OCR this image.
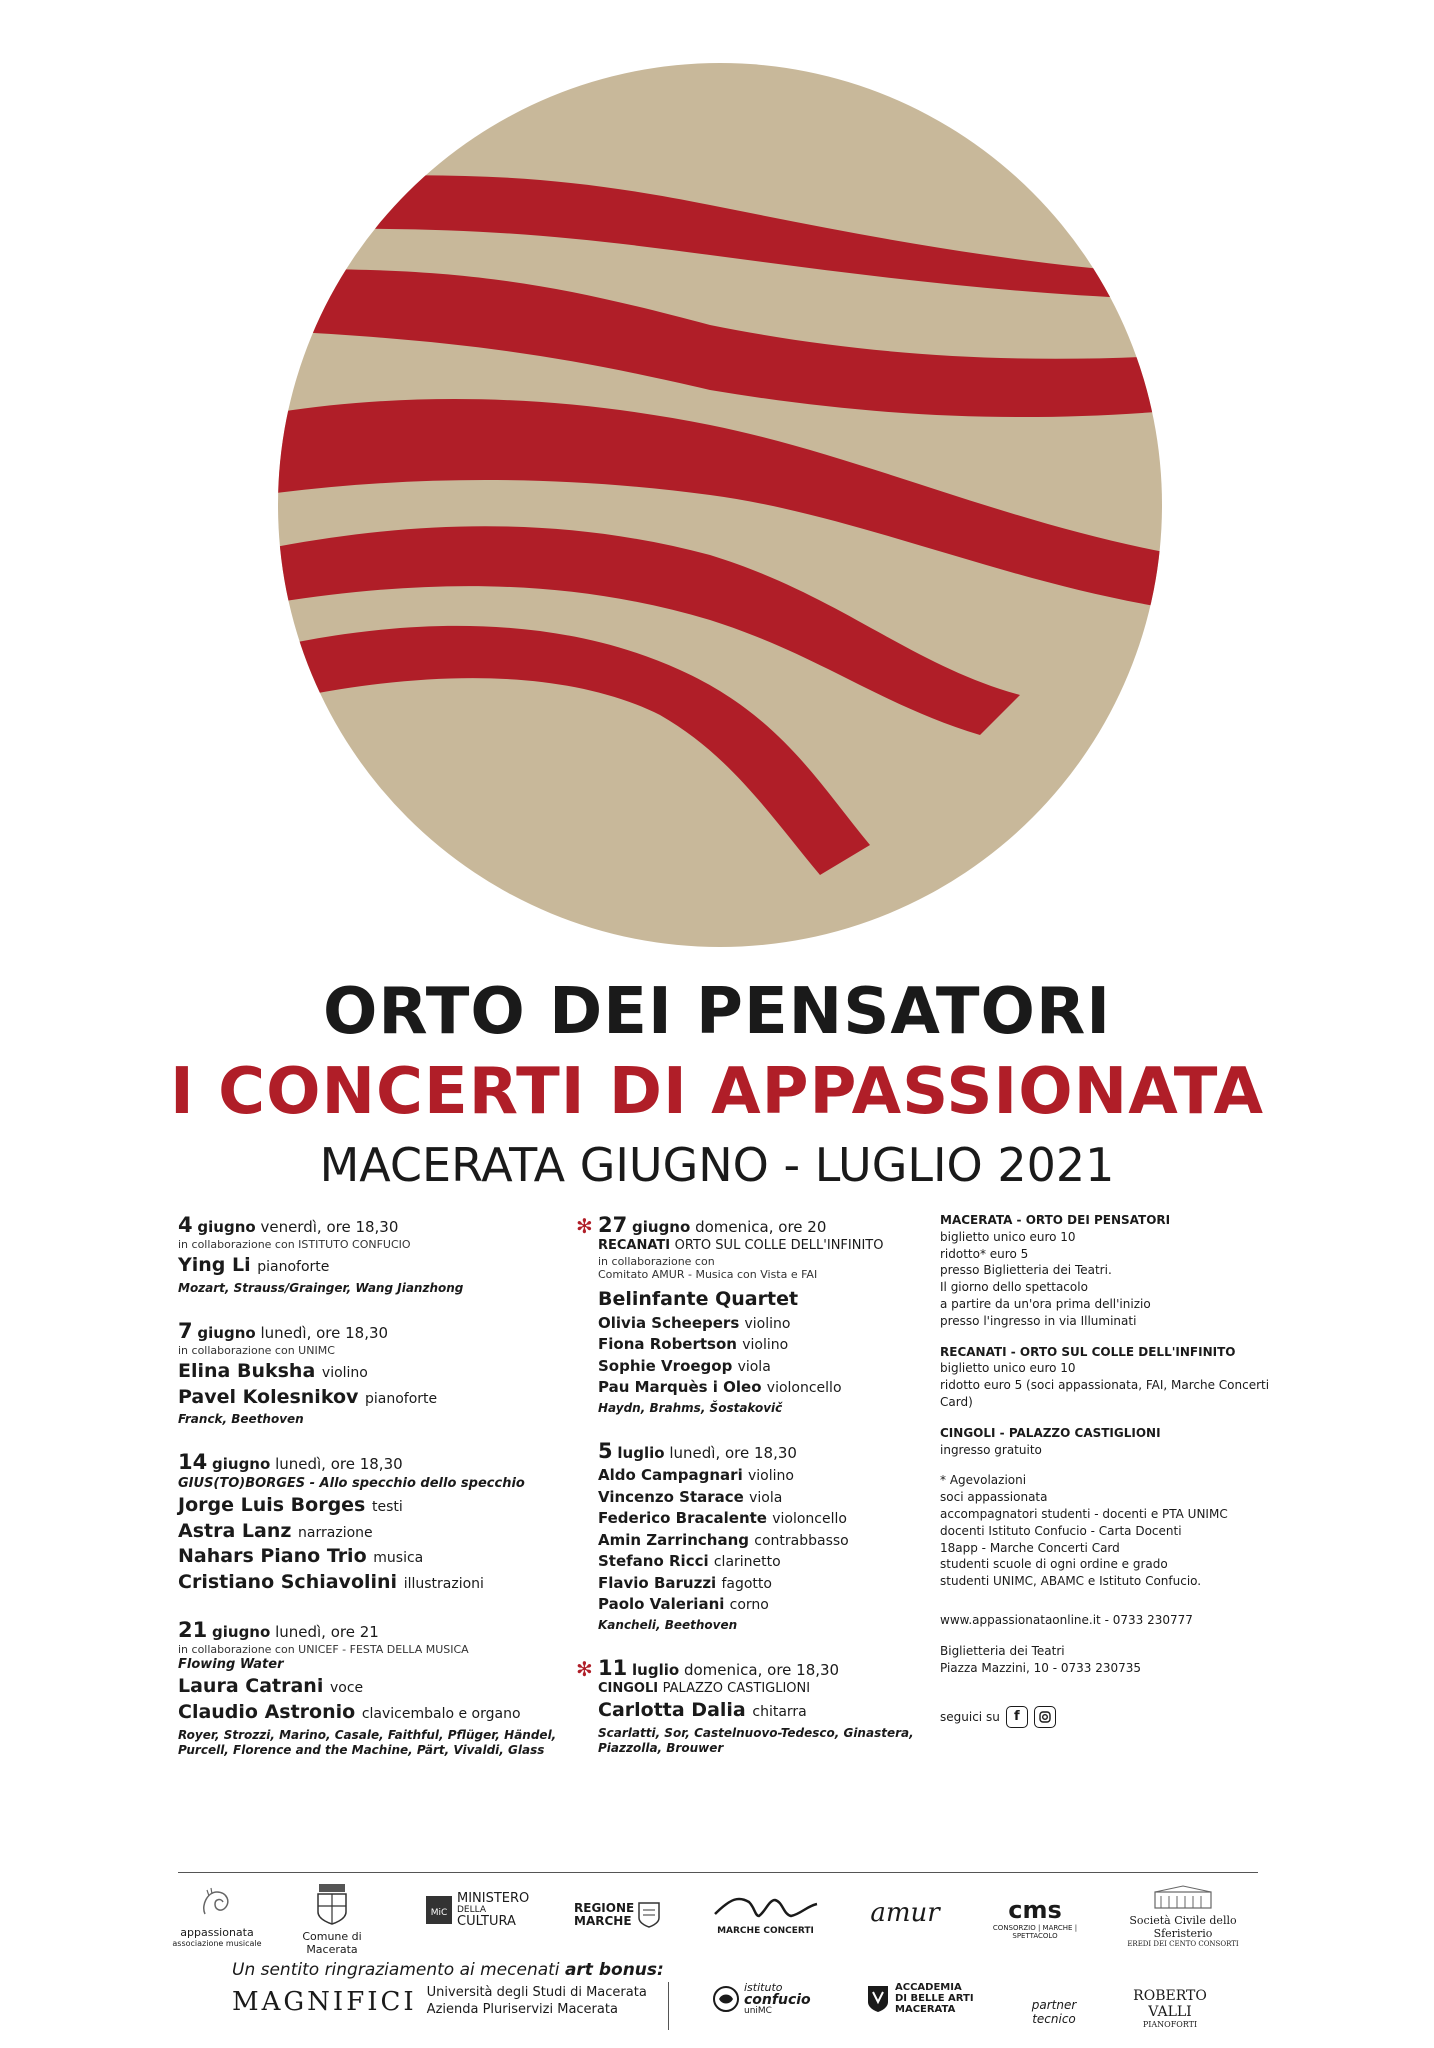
ORTO DEI PENSATORI
I CONCERTI DI APPASSIONATA
MACERATA GIUGNO - LUGLIO 2021
4 giugno venerdì, ore 18,30
in collaborazione con ISTITUTO CONFUCIO
Ying Li pianoforte
Mozart, Strauss/Grainger, Wang Jianzhong
7 giugno lunedì, ore 18,30
in collaborazione con UNIMC
Elina Buksha violino
Pavel Kolesnikov pianoforte
Franck, Beethoven
14 giugno lunedì, ore 18,30
GIUS(TO)BORGES - Allo specchio dello specchio
Jorge Luis Borges testi
Astra Lanz narrazione
Nahars Piano Trio musica
Cristiano Schiavolini illustrazioni
21 giugno lunedì, ore 21
in collaborazione con UNICEF - FESTA DELLA MUSICA
Flowing Water
Laura Catrani voce
Claudio Astronio clavicembalo e organo
Royer, Strozzi, Marino, Casale, Faithful, Pflüger, Händel, Purcell, Florence and the Machine, Pärt, Vivaldi, Glass
✻ 27 giugno domenica, ore 20
RECANATI ORTO SUL COLLE DELL'INFINITO
in collaborazione con
Comitato AMUR - Musica con Vista e FAI
Belinfante Quartet
Olivia Scheepers violino
Fiona Robertson violino
Sophie Vroegop viola
Pau Marquès i Oleo violoncello
Haydn, Brahms, Šostakovič
5 luglio lunedì, ore 18,30
Aldo Campagnari violino
Vincenzo Starace viola
Federico Bracalente violoncello
Amin Zarrinchang contrabbasso
Stefano Ricci clarinetto
Flavio Baruzzi fagotto
Paolo Valeriani corno
Kancheli, Beethoven
✻ 11 luglio domenica, ore 18,30
CINGOLI PALAZZO CASTIGLIONI
Carlotta Dalia chitarra
Scarlatti, Sor, Castelnuovo-Tedesco, Ginastera, Piazzolla, Brouwer
MACERATA - ORTO DEI PENSATORI
biglietto unico euro 10
ridotto* euro 5
presso Biglietteria dei Teatri.
Il giorno dello spettacolo
a partire da un'ora prima dell'inizio
presso l'ingresso in via Illuminati
RECANATI - ORTO SUL COLLE DELL'INFINITO
biglietto unico euro 10
ridotto euro 5 (soci appassionata, FAI, Marche Concerti Card)
CINGOLI - PALAZZO CASTIGLIONI
ingresso gratuito
* Agevolazioni
soci appassionata
accompagnatori studenti - docenti e PTA UNIMC
docenti Istituto Confucio - Carta Docenti
18app - Marche Concerti Card
studenti scuole di ogni ordine e grado
studenti UNIMC, ABAMC e Istituto Confucio.
www.appassionataonline.it - 0733 230777
Biglietteria dei Teatri
Piazza Mazzini, 10 - 0733 230735
seguici su	f
appassionata
associazione musicale
Comune di Macerata
MiC
MINISTERO
DELLA
CULTURA
REGIONE
MARCHE
MARCHE CONCERTI
amur	cms
CONSORZIO | MARCHE | SPETTACOLO
Società Civile dello Sferisterio
EREDI DEI CENTO CONSORTI
Un sentito ringraziamento ai mecenati art bonus:
MAGNIFICI Università degli Studi di Macerata
Azienda Pluriservizi Macerata
istituto
confucio
uniMC
ACCADEMIA
DI BELLE ARTI
MACERATA	partner tecnico
ROBERTO VALLI
PIANOFORTI
